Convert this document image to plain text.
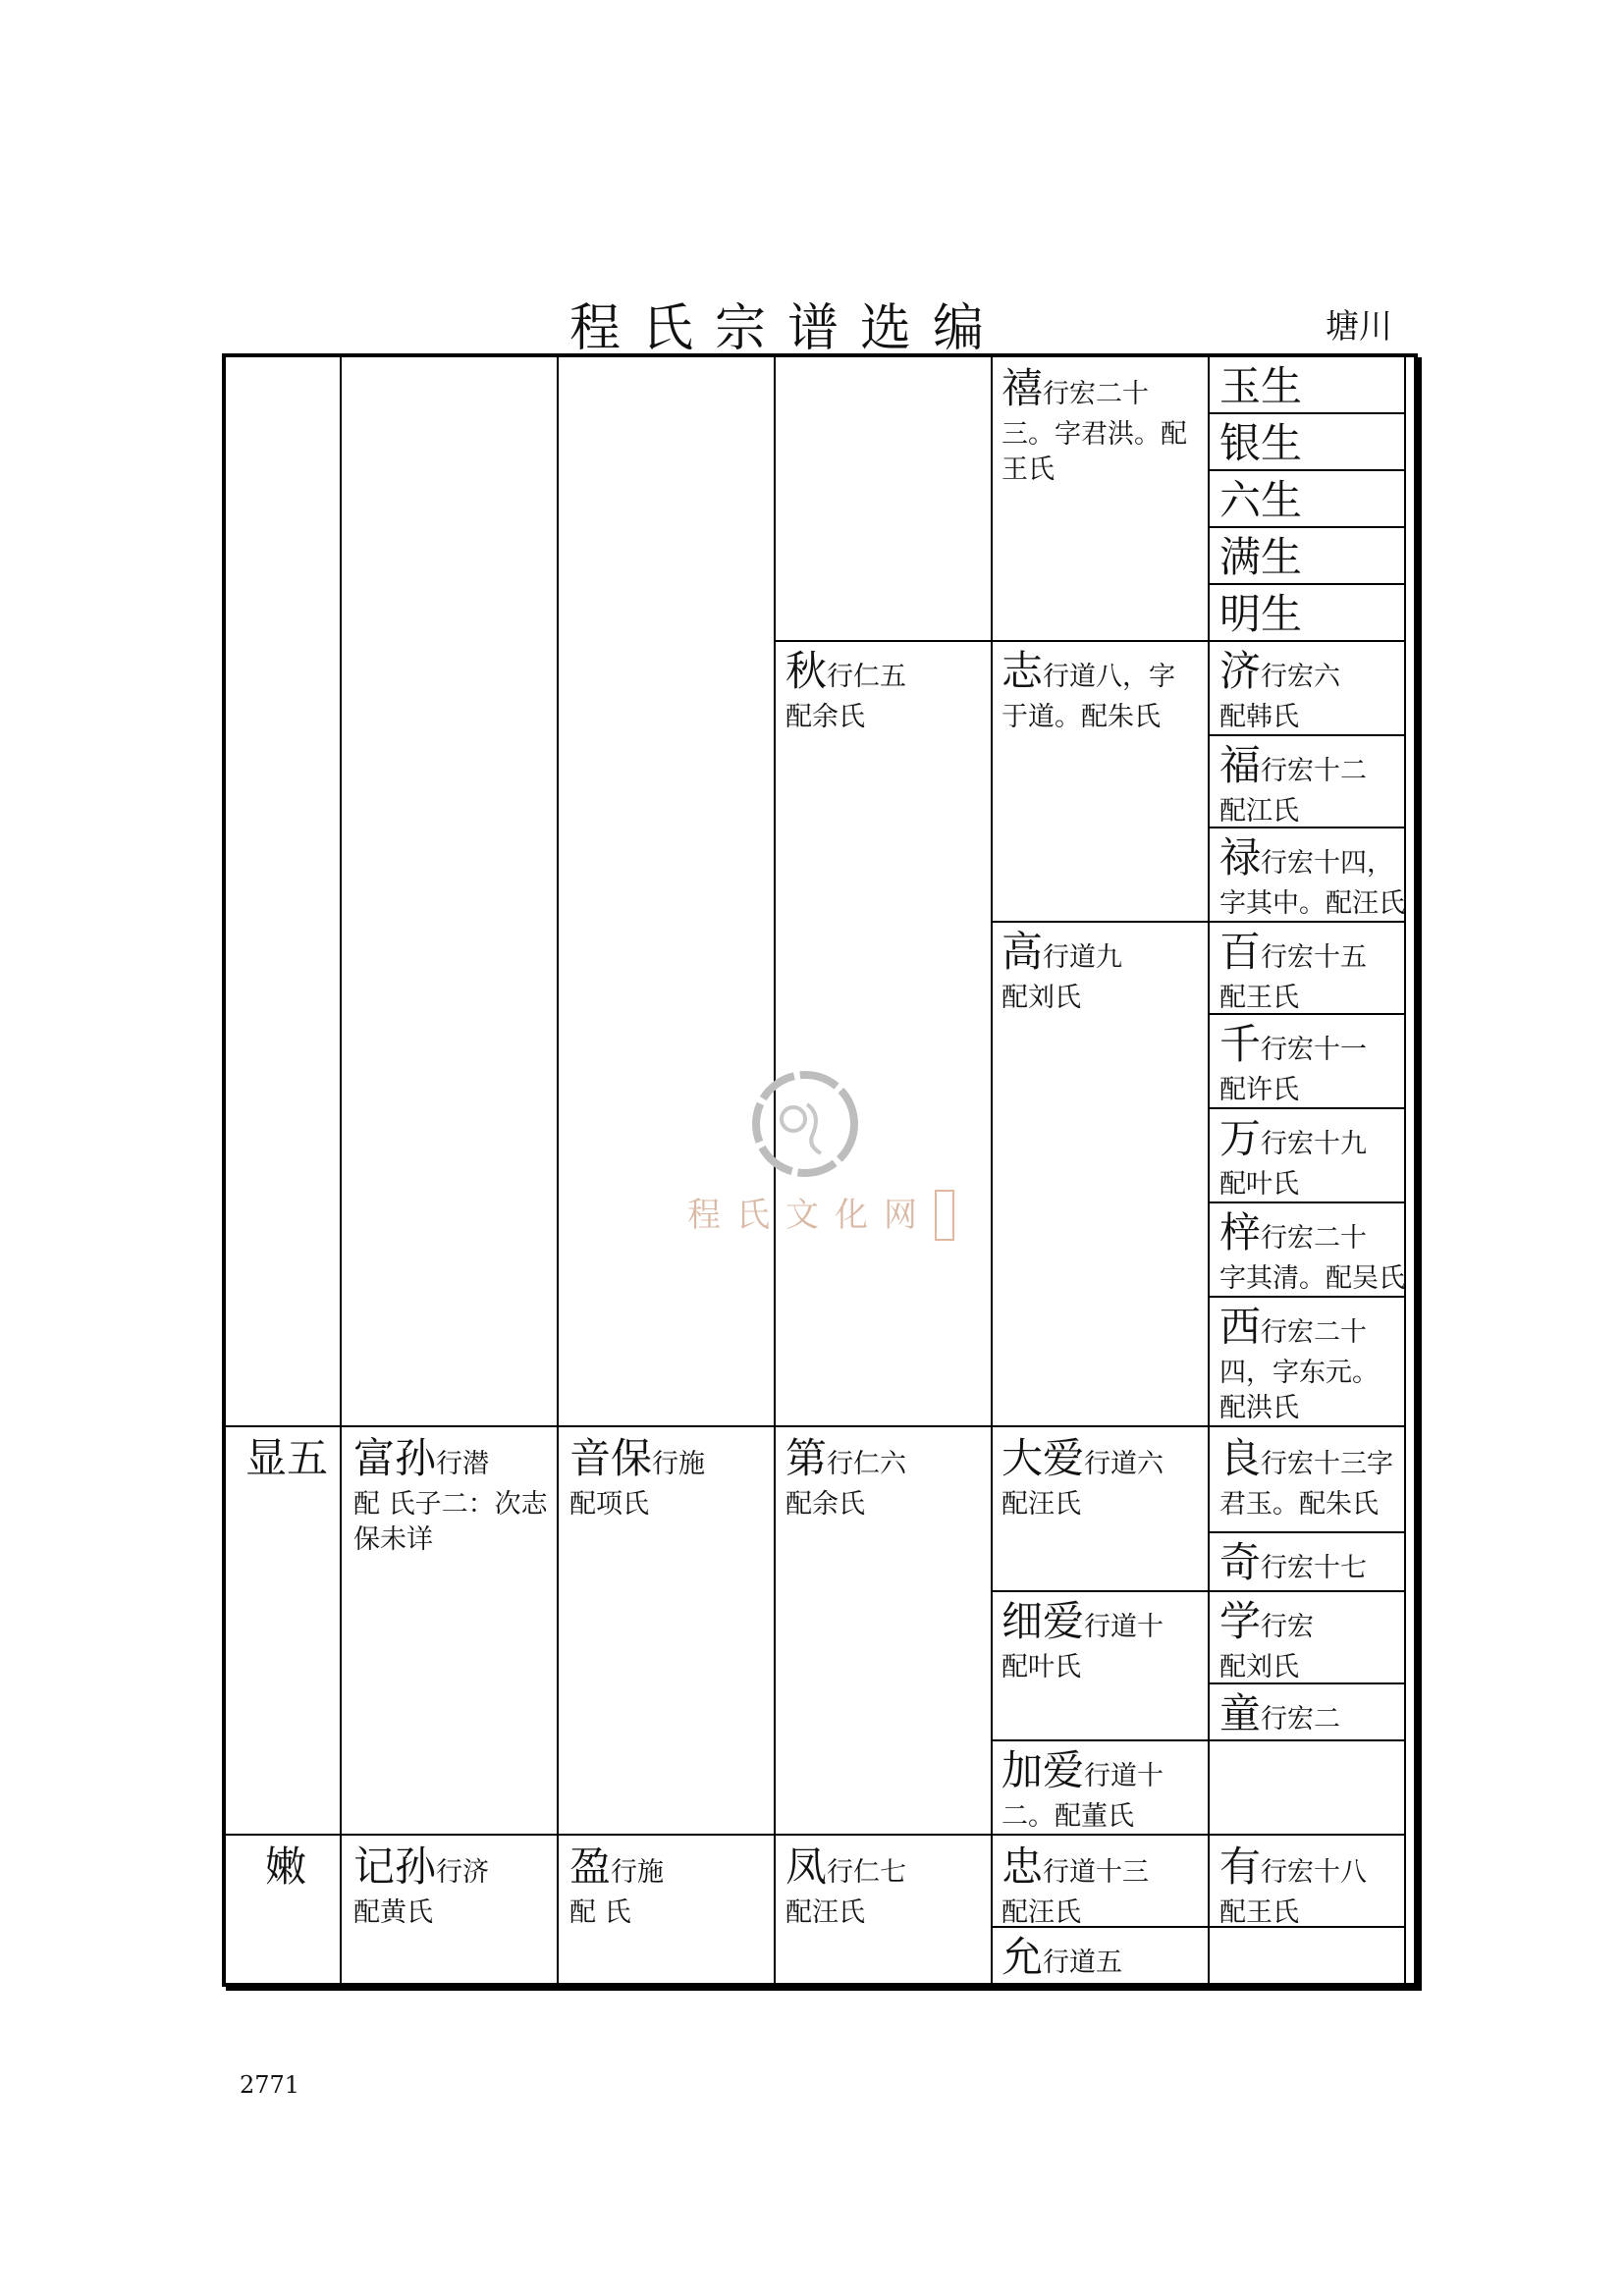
程氏宗谱选编	塘川
禧行宏二十三。字君洪。配王氏
玉生
银生
六生
满生
明生
秋行仁五
配余氏
志行道八，字于道。配朱氏
济行宏六
配韩氏
福行宏十二
配江氏
禄行宏十四，
字其中。配汪氏
高行道九
配刘氏
百行宏十五
配王氏
千行宏十一
配许氏
万行宏十九
配叶氏
梓行宏二十
字其清。配吴氏
西行宏二十四，字东元。配洪氏
显五 富孙行潜
配 氏子二：次志保未详
音保行施
配项氏
第行仁六
配余氏
大爱行道六
配汪氏
良行宏十三字君玉。配朱氏
奇行宏十七
细爱行道十
配叶氏
学行宏
配刘氏
童行宏二
加爱行道十二。配董氏
嫩 记孙行济
配黄氏
盈行施
配 氏
凤行仁七
配汪氏
忠行道十三
配汪氏
有行宏十八
配王氏
允行道五
程氏文化网
2771
